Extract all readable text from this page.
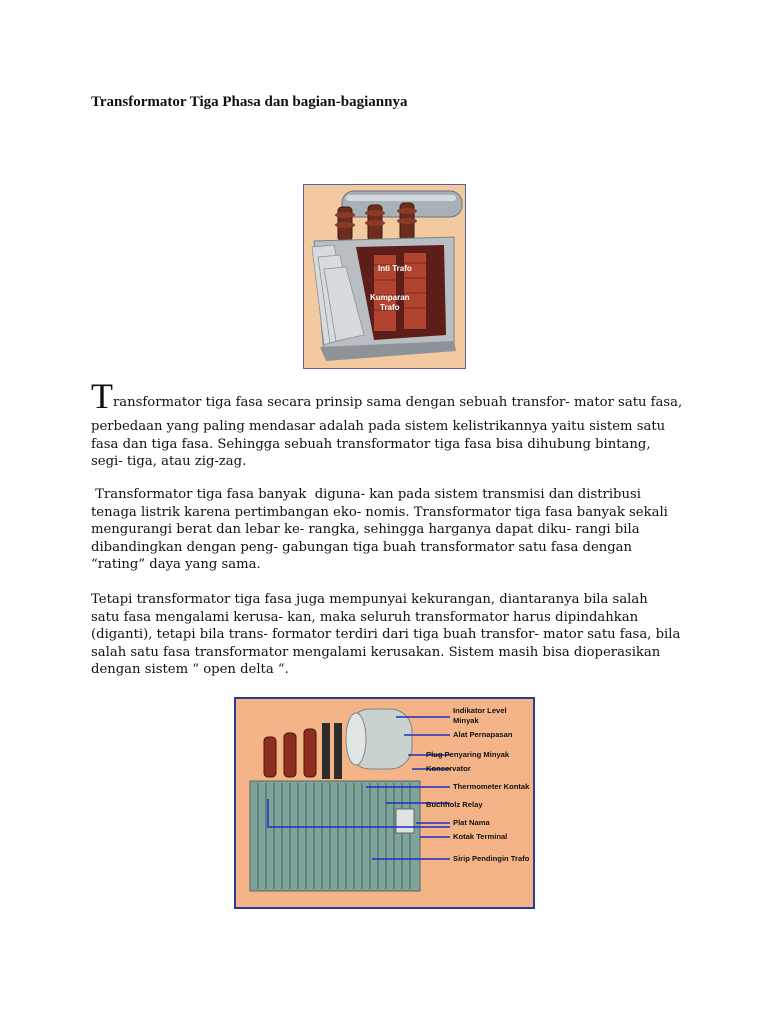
Transformator Tiga Phasa dan bagian-bagiannya
Inti Trafo
Kumparan
Trafo
Transformator tiga fasa secara prinsip sama dengan sebuah transfor- mator satu fasa,
perbedaan yang paling mendasar adalah pada sistem kelistrikannya yaitu sistem satu
fasa dan tiga fasa. Sehingga sebuah transformator tiga fasa bisa dihubung bintang,
segi- tiga, atau zig-zag.
Transformator tiga fasa banyak  diguna- kan pada sistem transmisi dan distribusi
tenaga listrik karena pertimbangan eko- nomis. Transformator tiga fasa banyak sekali
mengurangi berat dan lebar ke- rangka, sehingga harganya dapat diku- rangi bila
dibandingkan dengan peng- gabungan tiga buah transformator satu fasa dengan
“rating” daya yang sama.
Tetapi transformator tiga fasa juga mempunyai kekurangan, diantaranya bila salah
satu fasa mengalami kerusa- kan, maka seluruh transformator harus dipindahkan
(diganti), tetapi bila trans- formator terdiri dari tiga buah transfor- mator satu fasa, bila
salah satu fasa transformator mengalami kerusakan. Sistem masih bisa dioperasikan
dengan sistem “ open delta “.
Indikator Level
Minyak
Alat Pernapasan
Plug Penyaring Minyak
Konservator
Thermometer Kontak
Buchholz Relay
Plat Nama
Kotak Terminal
Sirip Pendingin Trafo
